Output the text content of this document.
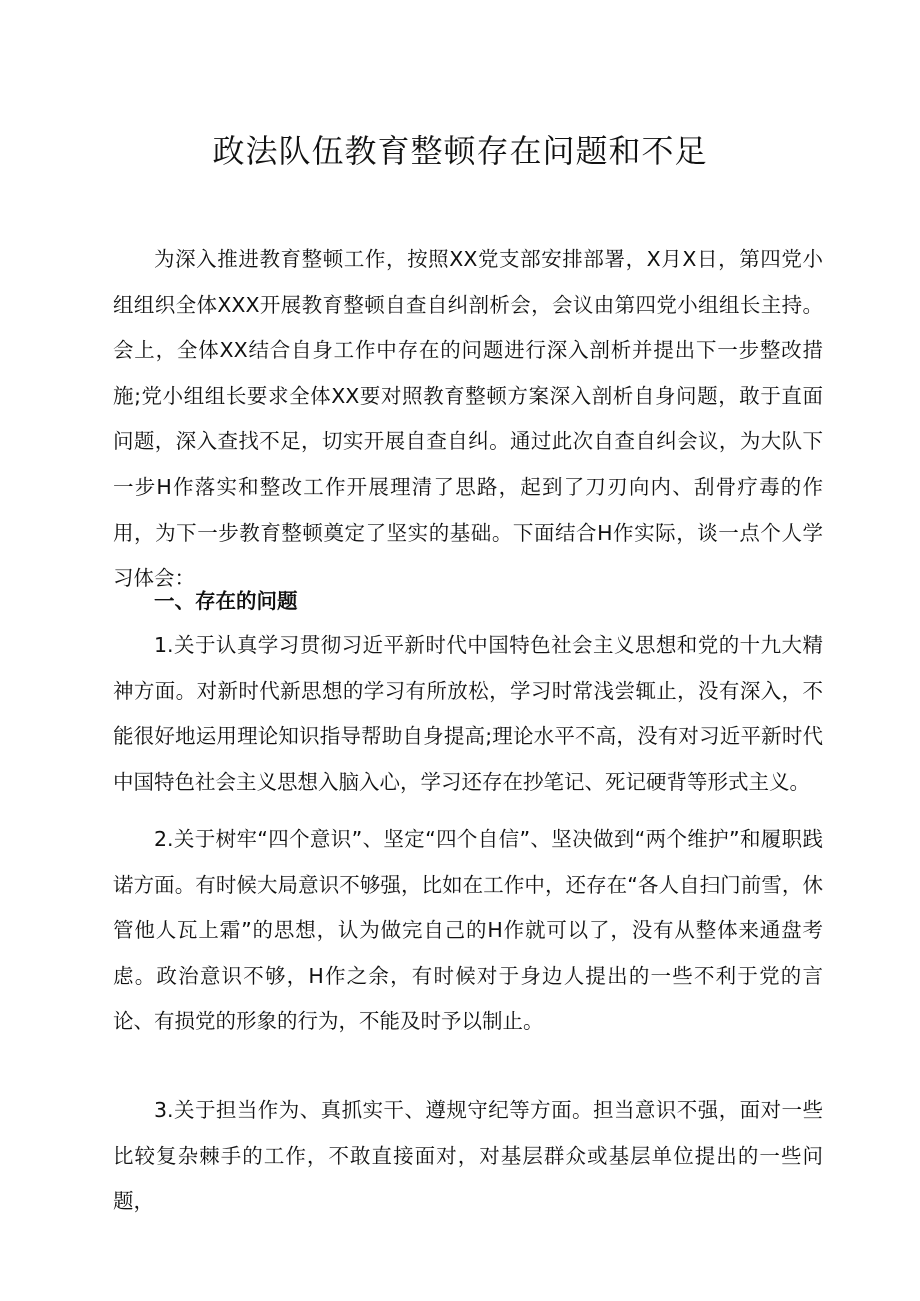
政法队伍教育整顿存在问题和不足

为深入推进教育整顿工作，按照XX党支部安排部署，X月X日，第四党小组组织全体XXX开展教育整顿自查自纠剖析会，会议由第四党小组组长主持。会上，全体XX结合自身工作中存在的问题进行深入剖析并提出下一步整改措施;党小组组长要求全体XX要对照教育整顿方案深入剖析自身问题，敢于直面问题，深入查找不足，切实开展自查自纠。通过此次自查自纠会议，为大队下一步H作落实和整改工作开展理清了思路，起到了刀刃向内、刮骨疗毒的作用，为下一步教育整顿奠定了坚实的基础。下面结合H作实际，谈一点个人学习体会：

一、存在的问题

1.关于认真学习贯彻习近平新时代中国特色社会主义思想和党的十九大精神方面。对新时代新思想的学习有所放松，学习时常浅尝辄止，没有深入，不能很好地运用理论知识指导帮助自身提高;理论水平不高，没有对习近平新时代中国特色社会主义思想入脑入心，学习还存在抄笔记、死记硬背等形式主义。

2.关于树牢“四个意识”、坚定“四个自信”、坚决做到“两个维护”和履职践诺方面。有时候大局意识不够强，比如在工作中，还存在“各人自扫门前雪，休管他人瓦上霜”的思想，认为做完自己的H作就可以了，没有从整体来通盘考虑。政治意识不够，H作之余，有时候对于身边人提出的一些不利于党的言论、有损党的形象的行为，不能及时予以制止。

3.关于担当作为、真抓实干、遵规守纪等方面。担当意识不强，面对一些比较复杂棘手的工作，不敢直接面对，对基层群众或基层单位提出的一些问题，
